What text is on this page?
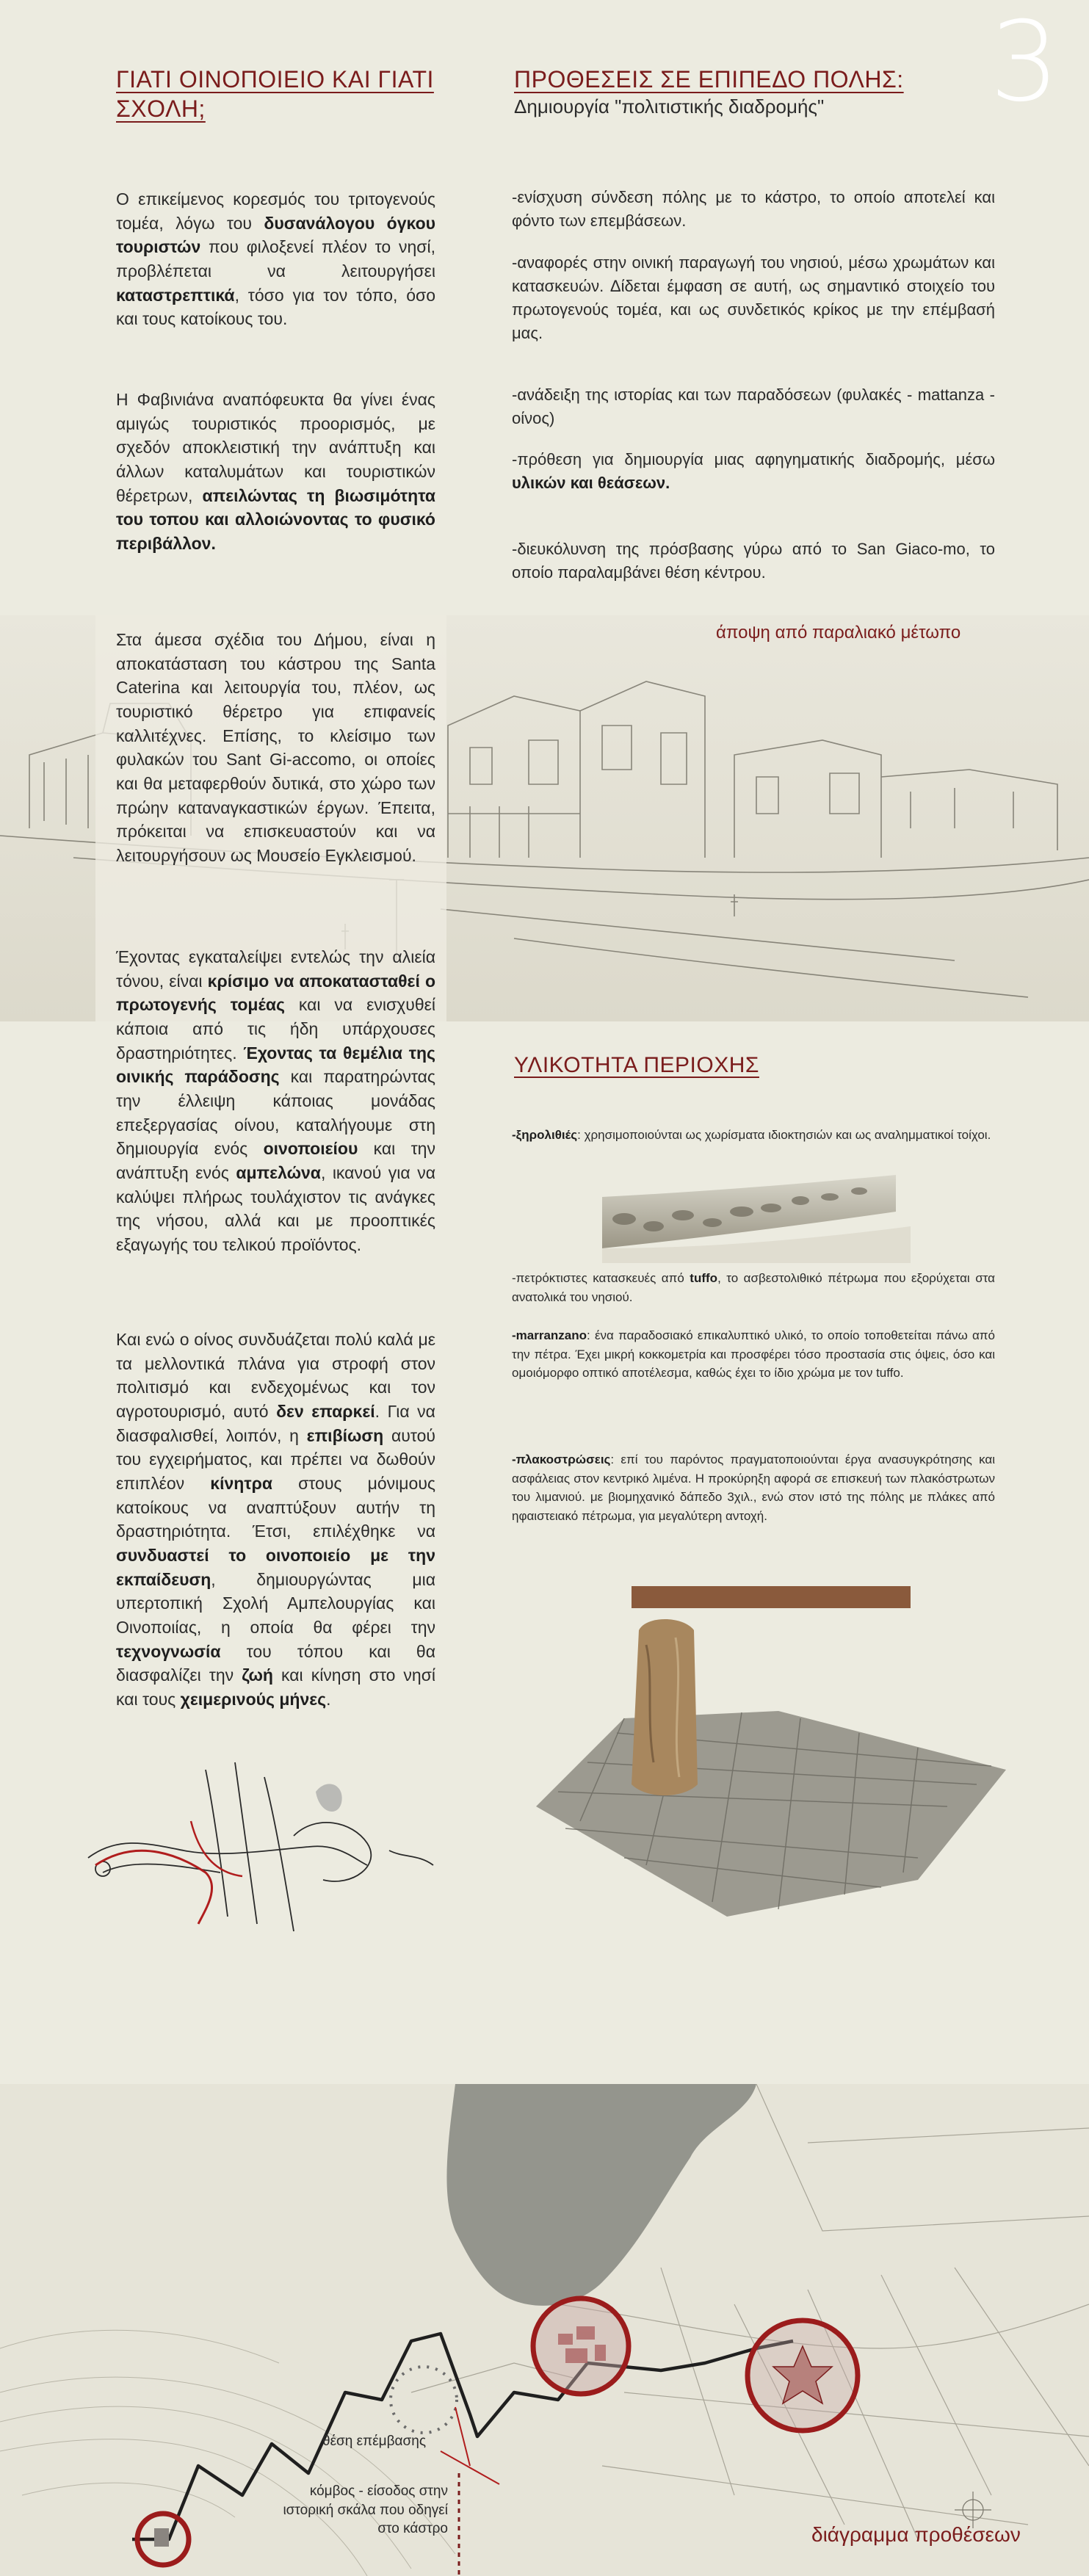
3
ΓΙΑΤΙ ΟΙΝΟΠΟΙΕΙΟ ΚΑΙ ΓΙΑΤΙ ΣΧΟΛΗ;
ΠΡΟΘΕΣΕΙΣ ΣΕ ΕΠΙΠΕΔΟ ΠΟΛΗΣ:
Δημιουργία "πολιτιστικής διαδρομής"

Ο επικείμενος κορεσμός του τριτογενούς τομέα, λόγω του δυσανάλογου όγκου τουριστών που φιλοξενεί πλέον το νησί, προβλέπεται να λειτουργήσει καταστρεπτικά, τόσο για τον τόπο, όσο και τους κατοίκους του.

Η Φαβινιάνα αναπόφευκτα θα γίνει ένας αμιγώς τουριστικός προορισμός, με σχεδόν αποκλειστική την ανάπτυξη και άλλων καταλυμάτων και τουριστικών θέρετρων, απειλώντας τη βιωσιμότητα του τοπου και αλλοιώνοντας το φυσικό περιβάλλον.

-ενίσχυση σύνδεση πόλης με το κάστρο, το οποίο αποτελεί και φόντο των επεμβάσεων.

-αναφορές στην οινική παραγωγή του νησιού, μέσω χρωμάτων και κατασκευών. Δίδεται έμφαση σε αυτή, ως σημαντικό στοιχείο του πρωτογενούς τομέα, και ως συνδετικός κρίκος με την επέμβασή μας.

-ανάδειξη της ιστορίας και των παραδόσεων (φυλακές - mattanza - οίνος)

-πρόθεση για δημιουργία μιας αφηγηματικής διαδρομής, μέσω υλικών και θεάσεων.

-διευκόλυνση της πρόσβασης γύρω από το San Giaco-mo, το οποίο παραλαμβάνει θέση κέντρου.

Στα άμεσα σχέδια του Δήμου, είναι η αποκατάσταση του κάστρου της Santa Caterina και λειτουργία του, πλέον, ως τουριστικό θέρετρο για επιφανείς καλλιτέχνες. Επίσης, το κλείσιμο των φυλακών του Sant Gi-accomo, οι οποίες και θα μεταφερθούν δυτικά, στο χώρο των πρώην καταναγκαστικών έργων. Έπειτα, πρόκειται να επισκευαστούν και να λειτουργήσουν ως Μουσείο Εγκλεισμού.

άποψη από παραλιακό μέτωπο

Έχοντας εγκαταλείψει εντελώς την αλιεία τόνου, είναι κρίσιμο να αποκατασταθεί ο πρωτογενής τομέας και να ενισχυθεί κάποια από τις ήδη υπάρχουσες δραστηριότητες. Έχοντας τα θεμέλια της οινικής παράδοσης και παρατηρώντας την έλλειψη κάποιας μονάδας επεξεργασίας οίνου, καταλήγουμε στη δημιουργία ενός οινοποιείου και την ανάπτυξη ενός αμπελώνα, ικανού για να καλύψει πλήρως τουλάχιστον τις ανάγκες της νήσου, αλλά και με προοπτικές εξαγωγής του τελικού προϊόντος.

Και ενώ ο οίνος συνδυάζεται πολύ καλά με τα μελλοντικά πλάνα για στροφή στον πολιτισμό και ενδεχομένως και τον αγροτουρισμό, αυτό δεν επαρκεί. Για να διασφαλισθεί, λοιπόν, η επιβίωση αυτού του εγχειρήματος, και πρέπει να δωθούν επιπλέον κίνητρα στους μόνιμους κατοίκους να αναπτύξουν αυτήν τη δραστηριότητα. Έτσι, επιλέχθηκε να συνδυαστεί το οινοποιείο με την εκπαίδευση, δημιουργώντας μια υπερτοπική Σχολή Αμπελουργίας και Οινοποιίας, η οποία θα φέρει την τεχνογνωσία του τόπου και θα διασφαλίζει την ζωή και κίνηση στο νησί και τους χειμερινούς μήνες.

ΥΛΙΚΟΤΗΤΑ ΠΕΡΙΟΧΗΣ

-ξηρολιθιές: χρησιμοποιούνται ως χωρίσματα ιδιοκτησιών και ως αναλημματικοί τοίχοι.

-πετρόκτιστες κατασκευές από tuffo, το ασβεστολιθικό πέτρωμα που εξορύχεται στα ανατολικά του νησιού.

-marranzano: ένα παραδοσιακό επικαλυπτικό υλικό, το οποίο τοποθετείται πάνω από την πέτρα. Έχει μικρή κοκκομετρία και προσφέρει τόσο προστασία στις όψεις, όσο και ομοιόμορφο οπτικό αποτέλεσμα, καθώς έχει το ίδιο χρώμα με τον tuffo.

-πλακοστρώσεις: επί του παρόντος πραγματοποιούνται έργα ανασυγκρότησης και ασφάλειας στον κεντρικό λιμένα. Η προκύρηξη αφορά σε επισκευή των πλακόστρωτων του λιμανιού. με βιομηχανικό δάπεδο 3χιλ., ενώ στον ιστό της πόλης με πλάκες από ηφαιστειακό πέτρωμα, για μεγαλύτερη αντοχή.

θέση επέμβασης
κόμβος - είσοδος στην ιστορική σκάλα που οδηγεί στο κάστρο	διάγραμμα προθέσεων
